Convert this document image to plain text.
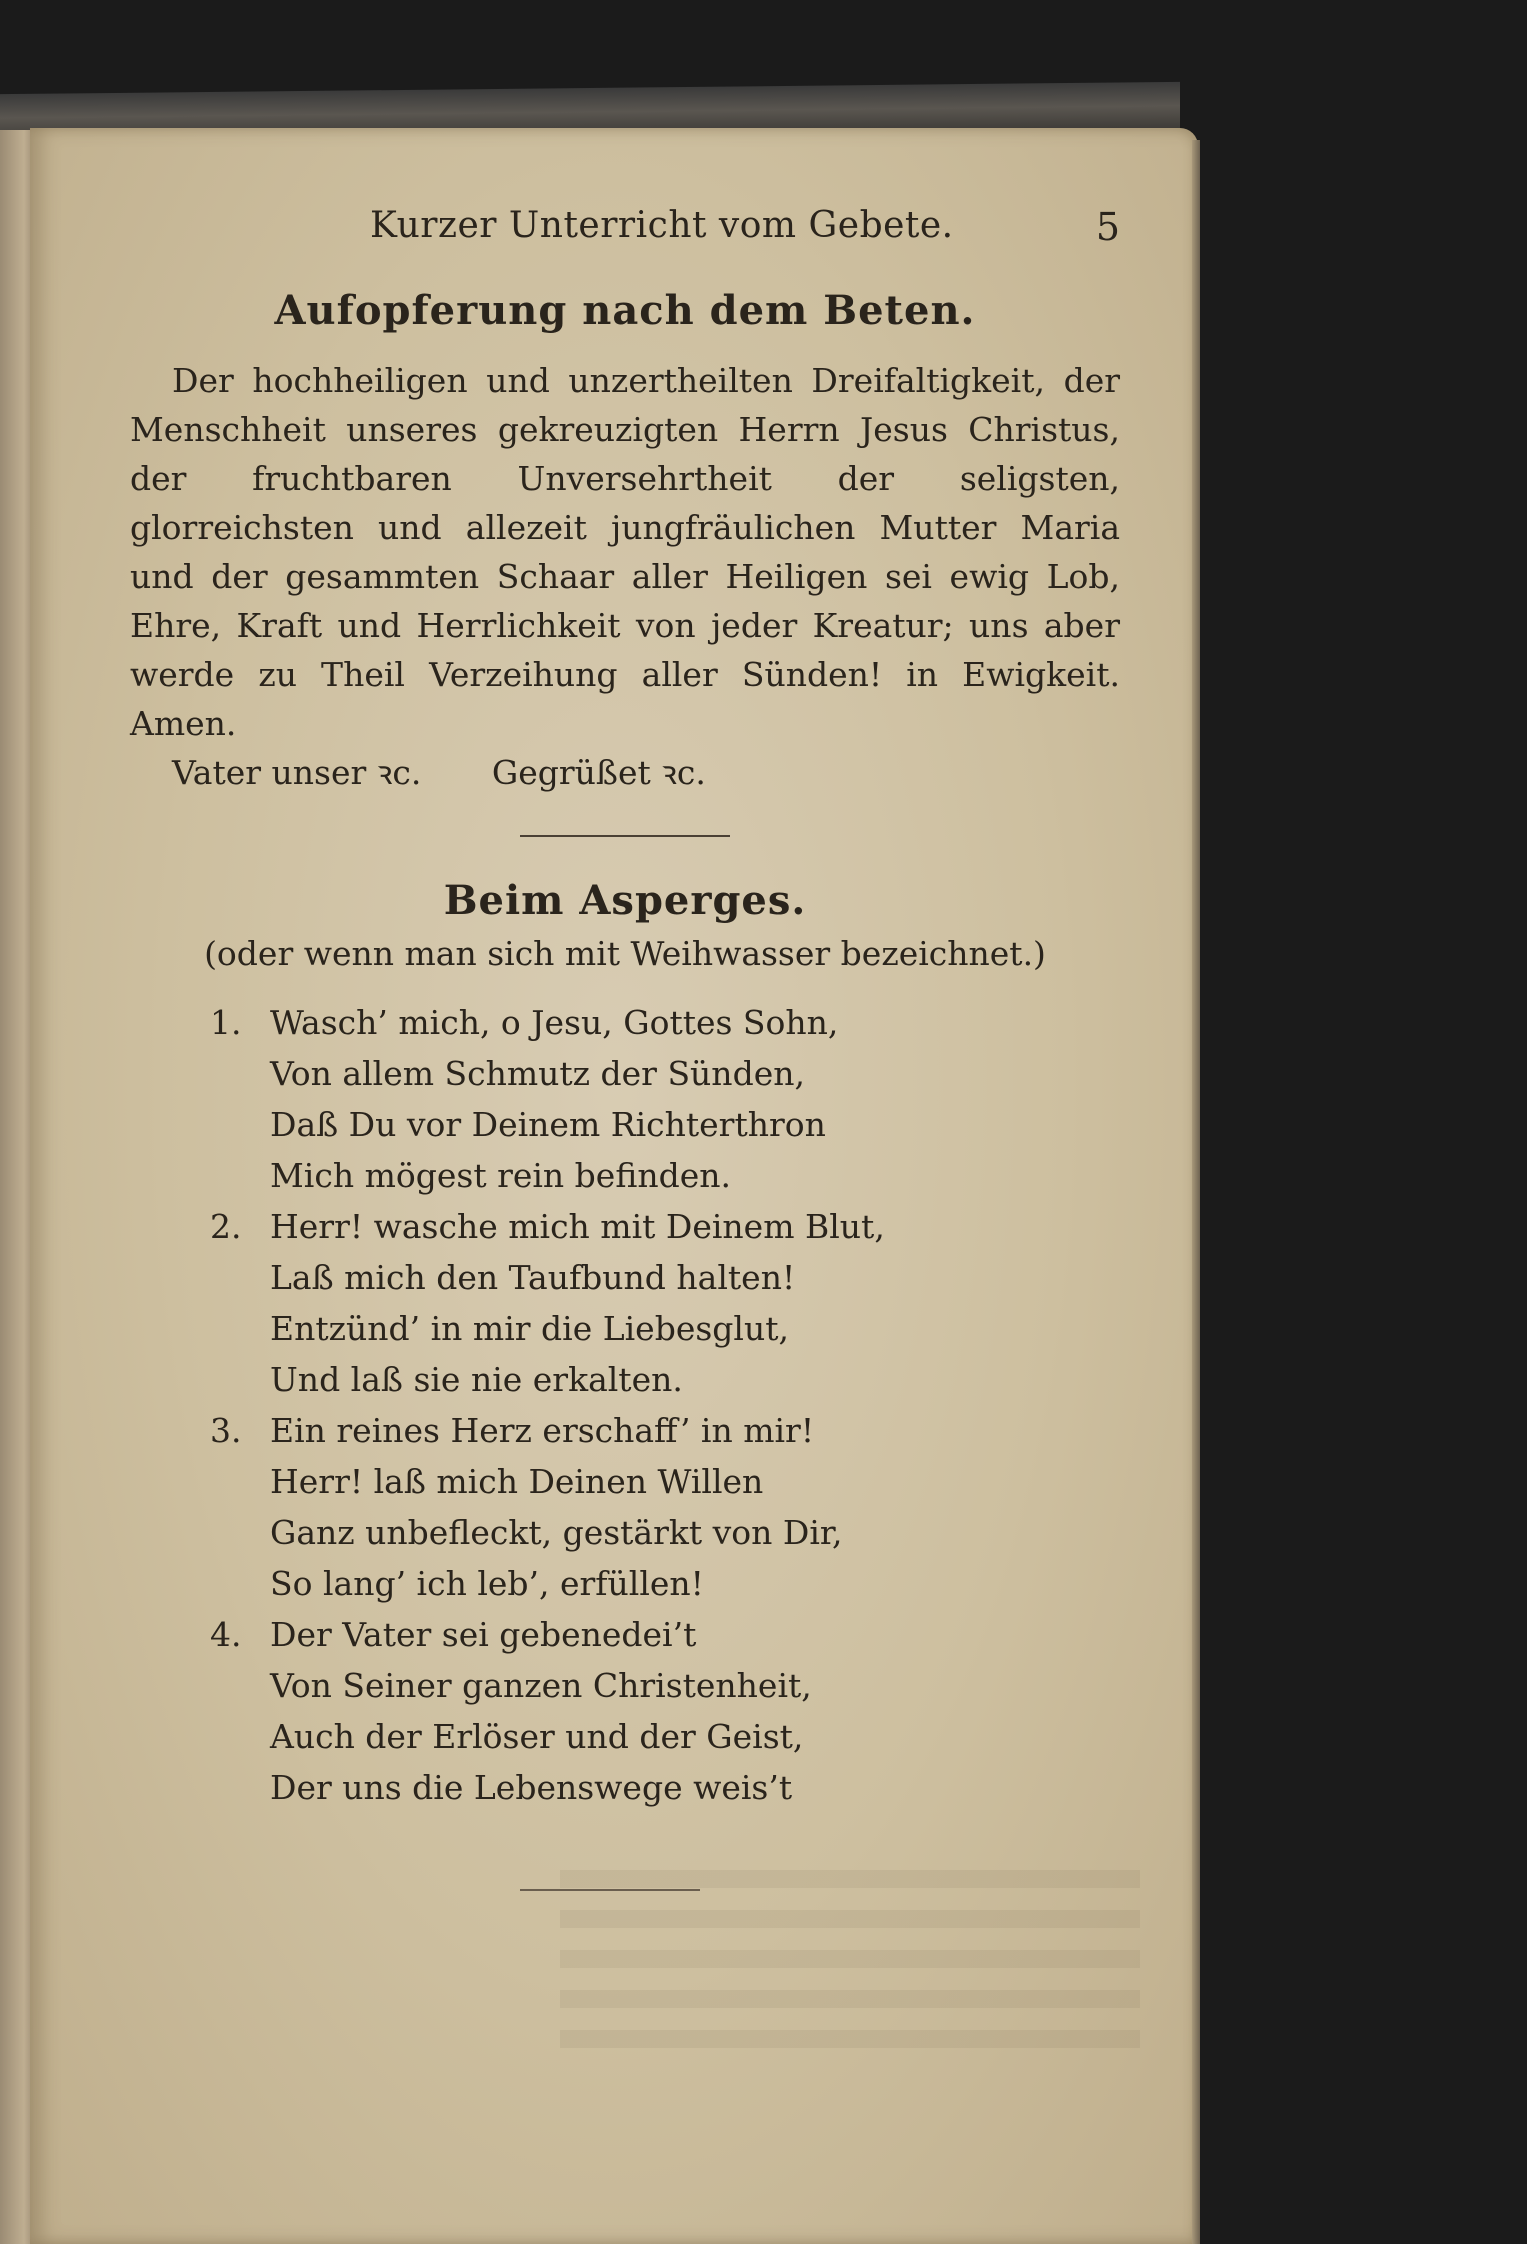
Kurzer Unterricht vom Gebete.	5
Aufopferung nach dem Beten.
Der hochheiligen und unzertheilten Dreifaltigkeit, der Menschheit unseres gekreuzigten Herrn Jesus Christus, der fruchtbaren Unversehrtheit der seligsten, glorreichsten und allezeit jungfräulichen Mutter Maria und der gesammten Schaar aller Heiligen sei ewig Lob, Ehre, Kraft und Herrlichkeit von jeder Kreatur; uns aber werde zu Theil Verzeihung aller Sünden! in Ewigkeit. Amen.
Vater unser ꝛc. Gegrüßet ꝛc.
Beim Asperges.
(oder wenn man sich mit Weihwasser bezeichnet.)
1. Wasch’ mich, o Jesu, Gottes Sohn,
Von allem Schmutz der Sünden,
Daß Du vor Deinem Richterthron
Mich mögest rein befinden.
2. Herr! wasche mich mit Deinem Blut,
Laß mich den Taufbund halten!
Entzünd’ in mir die Liebesglut,
Und laß sie nie erkalten.
3. Ein reines Herz erschaff’ in mir!
Herr! laß mich Deinen Willen
Ganz unbefleckt, gestärkt von Dir,
So lang’ ich leb’, erfüllen!
4. Der Vater sei gebenedei’t
Von Seiner ganzen Christenheit,
Auch der Erlöser und der Geist,
Der uns die Lebenswege weis’t
